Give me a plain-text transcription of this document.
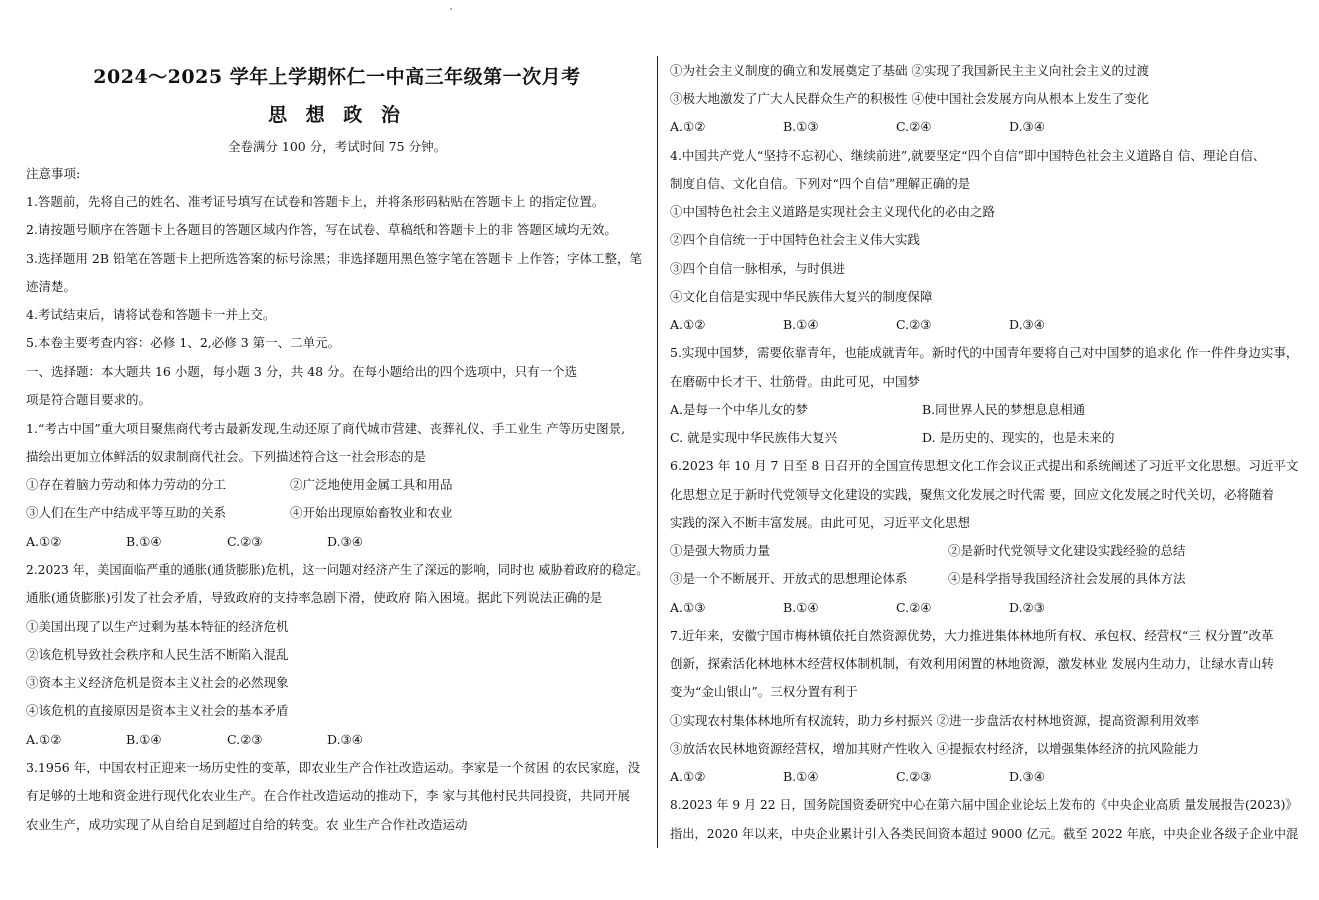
2024～2025 学年上学期怀仁一中高三年级第一次月考
思 想 政 治
全卷满分 100 分，考试时间 75 分钟。
注意事项:
1.答题前，先将自己的姓名、准考证号填写在试卷和答题卡上，并将条形码粘贴在答题卡上 的指定位置。
2.请按题号顺序在答题卡上各题目的答题区域内作答，写在试卷、草稿纸和答题卡上的非 答题区域均无效。
3.选择题用 2B 铅笔在答题卡上把所选答案的标号涂黑；非选择题用黑色签字笔在答题卡 上作答；字体工整，笔
迹清楚。
4.考试结束后，请将试卷和答题卡一并上交。
5.本卷主要考查内容：必修 1、2,必修 3 第一、二单元。
一、选择题：本大题共 16 小题，每小题 3 分，共 48 分。在每小题给出的四个选项中，只有一个选
项是符合题目要求的。
1.“考古中国”重大项目聚焦商代考古最新发现,生动还原了商代城市营建、丧葬礼仪、手工业生 产等历史图景,
描绘出更加立体鲜活的奴隶制商代社会。下列描述符合这一社会形态的是
①存在着脑力劳动和体力劳动的分工	②广泛地使用金属工具和用品
③人们在生产中结成平等互助的关系	④开始出现原始畜牧业和农业
A.①②	B.①④	C.②③	D.③④
2.2023 年，美国面临严重的通胀(通货膨胀)危机，这一问题对经济产生了深远的影响，同时也 威胁着政府的稳定。
通胀(通货膨胀)引发了社会矛盾，导致政府的支持率急剧下滑，使政府 陷入困境。据此下列说法正确的是
①美国出现了以生产过剩为基本特征的经济危机
②该危机导致社会秩序和人民生活不断陷入混乱
③资本主义经济危机是资本主义社会的必然现象
④该危机的直接原因是资本主义社会的基本矛盾
A.①②	B.①④	C.②③	D.③④
3.1956 年，中国农村正迎来一场历史性的变革，即农业生产合作社改造运动。李家是一个贫困 的农民家庭，没
有足够的土地和资金进行现代化农业生产。在合作社改造运动的推动下，李 家与其他村民共同投资，共同开展
农业生产，成功实现了从自给自足到超过自给的转变。农 业生产合作社改造运动
①为社会主义制度的确立和发展奠定了基础 ②实现了我国新民主主义向社会主义的过渡
③极大地激发了广大人民群众生产的积极性 ④使中国社会发展方向从根本上发生了变化
A.①②	B.①③	C.②④	D.③④
4.中国共产党人“坚持不忘初心、继续前进”,就要坚定“四个自信”即中国特色社会主义道路自 信、理论自信、
制度自信、文化自信。下列对“四个自信”理解正确的是
①中国特色社会主义道路是实现社会主义现代化的必由之路
②四个自信统一于中国特色社会主义伟大实践
③四个自信一脉相承，与时俱进
④文化自信是实现中华民族伟大复兴的制度保障
A.①②	B.①④	C.②③	D.③④
5.实现中国梦，需要依靠青年，也能成就青年。新时代的中国青年要将自己对中国梦的追求化 作一件件身边实事，
在磨砺中长才干、壮筋骨。由此可见，中国梦
A.是每一个中华儿女的梦	B.同世界人民的梦想息息相通
C. 就是实现中华民族伟大复兴	D. 是历史的、现实的，也是未来的
6.2023 年 10 月 7 日至 8 日召开的全国宣传思想文化工作会议正式提出和系统阐述了习近平文化思想。习近平文
化思想立足于新时代党领导文化建设的实践，聚焦文化发展之时代需 要，回应文化发展之时代关切，必将随着
实践的深入不断丰富发展。由此可见，习近平文化思想
①是强大物质力量	②是新时代党领导文化建设实践经验的总结
③是一个不断展开、开放式的思想理论体系	④是科学指导我国经济社会发展的具体方法
A.①③	B.①④	C.②④	D.②③
7.近年来，安徽宁国市梅林镇依托自然资源优势，大力推进集体林地所有权、承包权、经营权“三 权分置”改革
创新，探索活化林地林木经营权体制机制，有效利用闲置的林地资源，激发林业 发展内生动力，让绿水青山转
变为“金山银山”。三权分置有利于
①实现农村集体林地所有权流转，助力乡村振兴 ②进一步盘活农村林地资源，提高资源利用效率
③放活农民林地资源经营权，增加其财产性收入 ④提振农村经济，以增强集体经济的抗风险能力
A.①②	B.①④	C.②③	D.③④
8.2023 年 9 月 22 日，国务院国资委研究中心在第六届中国企业论坛上发布的《中央企业高质 量发展报告(2023)》
指出，2020 年以来，中央企业累计引入各类民间资本超过 9000 亿元。截至 2022 年底，中央企业各级子企业中混
